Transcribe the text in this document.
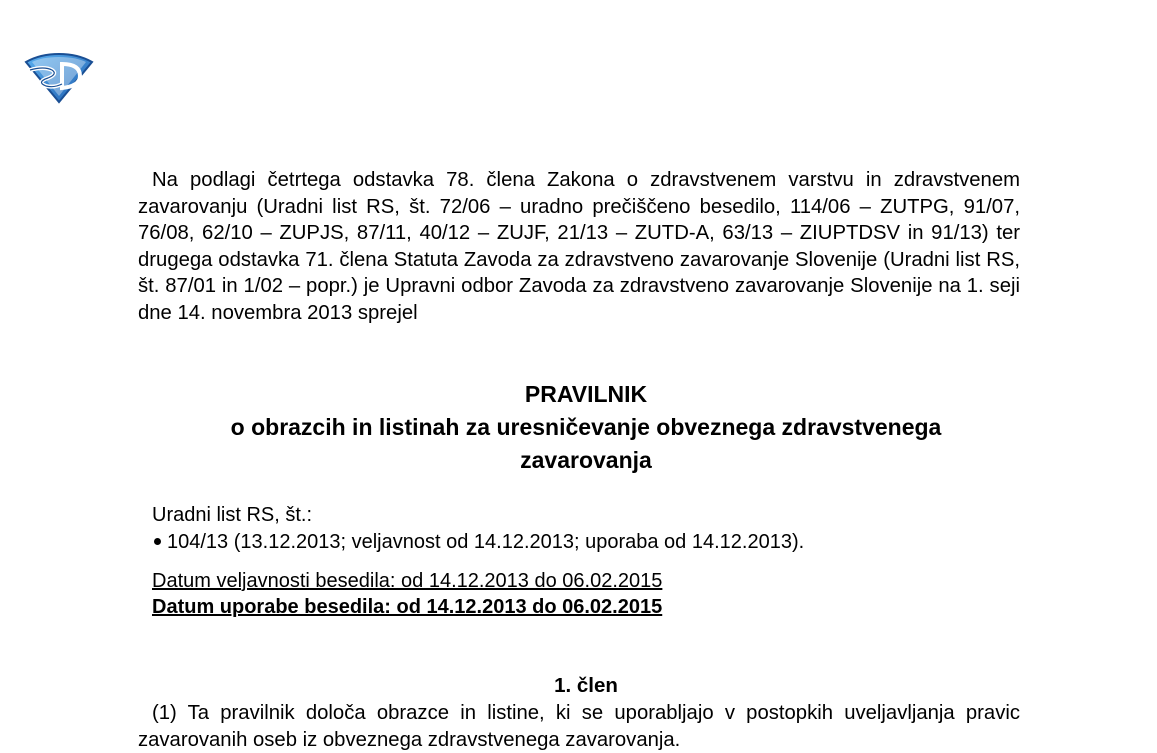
Na podlagi četrtega odstavka 78. člena Zakona o zdravstvenem varstvu in zdravstvenem zavarovanju (Uradni list RS, št. 72/06 – uradno prečiščeno besedilo, 114/06 – ZUTPG, 91/07, 76/08, 62/10 – ZUPJS, 87/11, 40/12 – ZUJF, 21/13 – ZUTD-A, 63/13 – ZIUPTDSV in 91/13) ter drugega odstavka 71. člena Statuta Zavoda za zdravstveno zavarovanje Slovenije (Uradni list RS, št. 87/01 in 1/02 – popr.) je Upravni odbor Zavoda za zdravstveno zavarovanje Slovenije na 1. seji dne 14. novembra 2013 sprejel

PRAVILNIK
o obrazcih in listinah za uresničevanje obveznega zdravstvenega
zavarovanja
Uradni list RS, št.:
104/13 (13.12.2013; veljavnost od 14.12.2013; uporaba od 14.12.2013).
Datum veljavnosti besedila: od 14.12.2013 do 06.02.2015
Datum uporabe besedila: od 14.12.2013 do 06.02.2015
1. člen

(1) Ta pravilnik določa obrazce in listine, ki se uporabljajo v postopkih uveljavljanja pravic zavarovanih oseb iz obveznega zdravstvenega zavarovanja.
